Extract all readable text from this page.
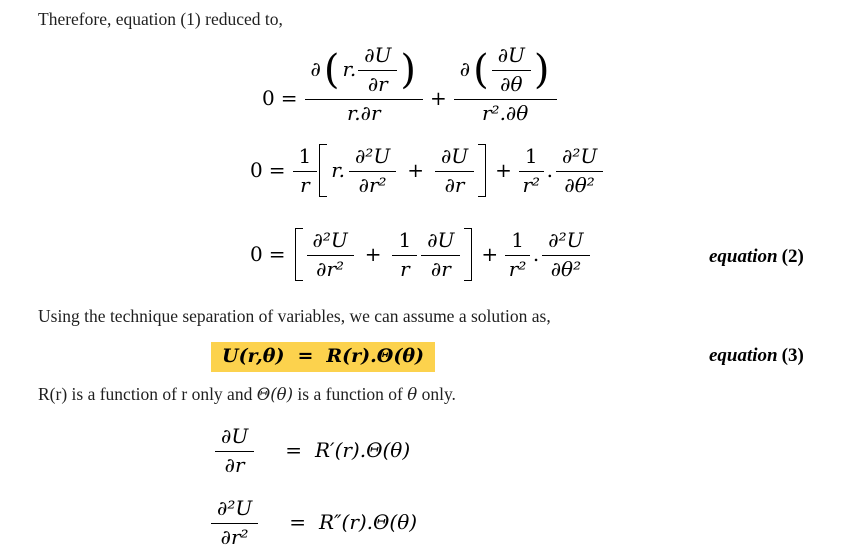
Therefore, equation (1) reduced to,
0 =
∂ ( r. $\frac{\partial U}{\partial r}$ )
r.∂r
+
∂ ( $\frac{\partial U}{\partial\theta}$ )
r².∂θ
$0 = \frac{1}{r} r$. $\frac{\text{∂²U}}{\text{∂r²}} + \frac{\partial U}{\partial r} + \frac{1}{\text{r²}}$ . $\frac{\text{∂²U}}{\text{∂θ²}}$
$0 = \frac{\text{∂²U}}{\text{∂r²}} + \frac{1}{r} \frac{\partial U}{\partial r} + \frac{1}{\text{r²}}$ . $\frac{\text{∂²U}}{\text{∂θ²}}$	equation (2)
Using the technique separation of variables, we can assume a solution as,
U(r,θ) = R(r).Θ(θ)	equation (3)
R(r) is a function of r only and Θ(θ) is a function of θ only.
$\frac{\partial U}{\partial r} = R'(r).\Theta(\theta)$
$\frac{\text{∂²U}}{\text{∂r²}} = R''(r).\Theta(\theta)$
